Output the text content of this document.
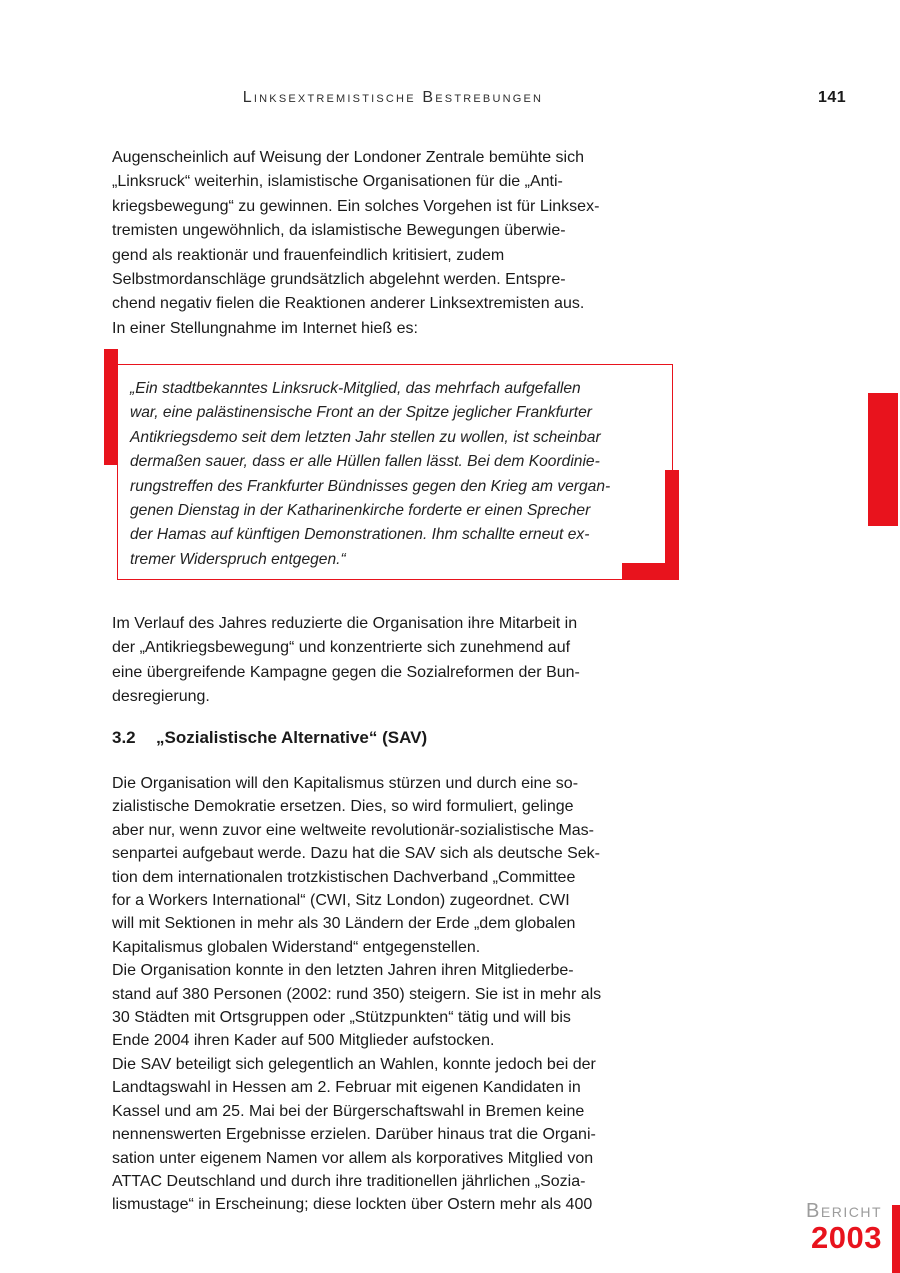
Linksextremistische Bestrebungen	141
Augenscheinlich auf Weisung der Londoner Zentrale bemühte sich
„Linksruck“ weiterhin, islamistische Organisationen für die „Anti-
kriegsbewegung“ zu gewinnen. Ein solches Vorgehen ist für Linksex-
tremisten ungewöhnlich, da islamistische Bewegungen überwie-
gend als reaktionär und frauenfeindlich kritisiert, zudem
Selbstmordanschläge grundsätzlich abgelehnt werden. Entspre-
chend negativ fielen die Reaktionen anderer Linksextremisten aus.
In einer Stellungnahme im Internet hieß es:
„Ein stadtbekanntes Linksruck-Mitglied, das mehrfach aufgefallen
war, eine palästinensische Front an der Spitze jeglicher Frankfurter
Antikriegsdemo seit dem letzten Jahr stellen zu wollen, ist scheinbar
dermaßen sauer, dass er alle Hüllen fallen lässt. Bei dem Koordinie-
rungstreffen des Frankfurter Bündnisses gegen den Krieg am vergan-
genen Dienstag in der Katharinenkirche forderte er einen Sprecher
der Hamas auf künftigen Demonstrationen. Ihm schallte erneut ex-
tremer Widerspruch entgegen.“
Im Verlauf des Jahres reduzierte die Organisation ihre Mitarbeit in
der „Antikriegsbewegung“ und konzentrierte sich zunehmend auf
eine übergreifende Kampagne gegen die Sozialreformen der Bun-
desregierung.
3.2 „Sozialistische Alternative“ (SAV)
Die Organisation will den Kapitalismus stürzen und durch eine so-
zialistische Demokratie ersetzen. Dies, so wird formuliert, gelinge
aber nur, wenn zuvor eine weltweite revolutionär-sozialistische Mas-
senpartei aufgebaut werde. Dazu hat die SAV sich als deutsche Sek-
tion dem internationalen trotzkistischen Dachverband „Committee
for a Workers International“ (CWI, Sitz London) zugeordnet. CWI
will mit Sektionen in mehr als 30 Ländern der Erde „dem globalen
Kapitalismus globalen Widerstand“ entgegenstellen.
Die Organisation konnte in den letzten Jahren ihren Mitgliederbe-
stand auf 380 Personen (2002: rund 350) steigern. Sie ist in mehr als
30 Städten mit Ortsgruppen oder „Stützpunkten“ tätig und will bis
Ende 2004 ihren Kader auf 500 Mitglieder aufstocken.
Die SAV beteiligt sich gelegentlich an Wahlen, konnte jedoch bei der
Landtagswahl in Hessen am 2. Februar mit eigenen Kandidaten in
Kassel und am 25. Mai bei der Bürgerschaftswahl in Bremen keine
nennenswerten Ergebnisse erzielen. Darüber hinaus trat die Organi-
sation unter eigenem Namen vor allem als korporatives Mitglied von
ATTAC Deutschland und durch ihre traditionellen jährlichen „Sozia-
lismustage“ in Erscheinung; diese lockten über Ostern mehr als 400	Bericht
2003
